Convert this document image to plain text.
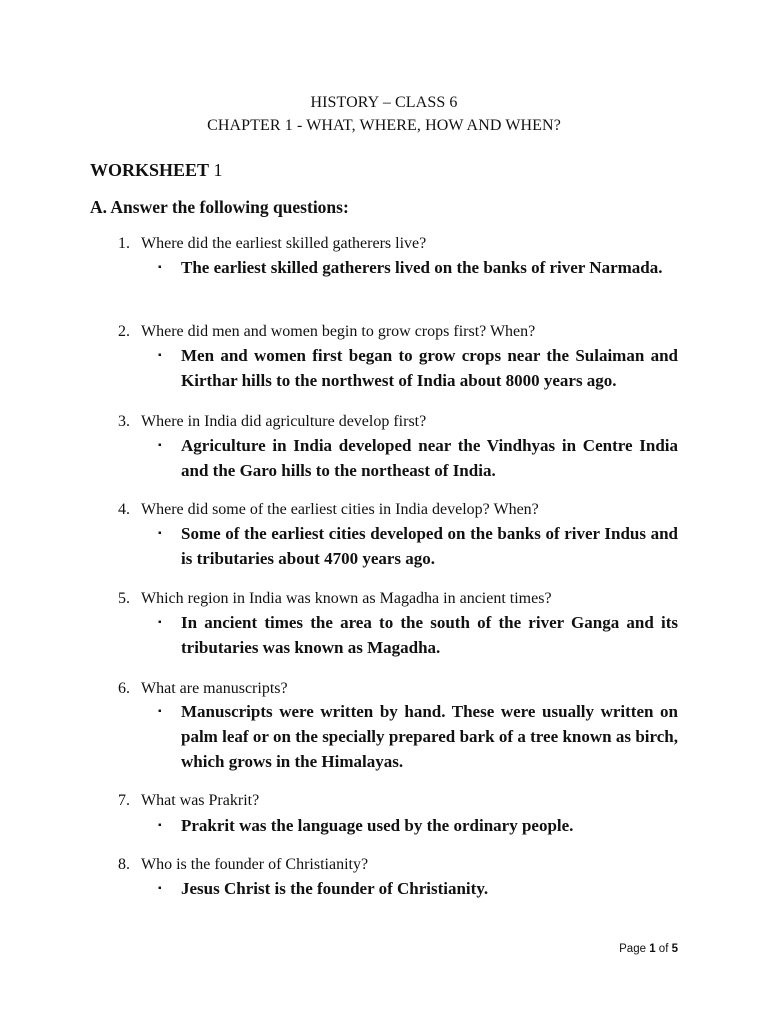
HISTORY – CLASS 6
CHAPTER 1 - WHAT, WHERE, HOW AND WHEN?
WORKSHEET 1
A. Answer the following questions:
1. Where did the earliest skilled gatherers live?
▪ The earliest skilled gatherers lived on the banks of river Narmada.
2. Where did men and women begin to grow crops first? When?
▪ Men and women first began to grow crops near the Sulaiman and Kirthar hills to the northwest of India about 8000 years ago.
3. Where in India did agriculture develop first?
▪ Agriculture in India developed near the Vindhyas in Centre India and the Garo hills to the northeast of India.
4. Where did some of the earliest cities in India develop? When?
▪ Some of the earliest cities developed on the banks of river Indus and is tributaries about 4700 years ago.
5. Which region in India was known as Magadha in ancient times?
▪ In ancient times the area to the south of the river Ganga and its tributaries was known as Magadha.
6. What are manuscripts?
▪ Manuscripts were written by hand. These were usually written on palm leaf or on the specially prepared bark of a tree known as birch, which grows in the Himalayas.
7. What was Prakrit?
▪ Prakrit was the language used by the ordinary people.
8. Who is the founder of Christianity?
▪ Jesus Christ is the founder of Christianity.
Page 1 of 5
